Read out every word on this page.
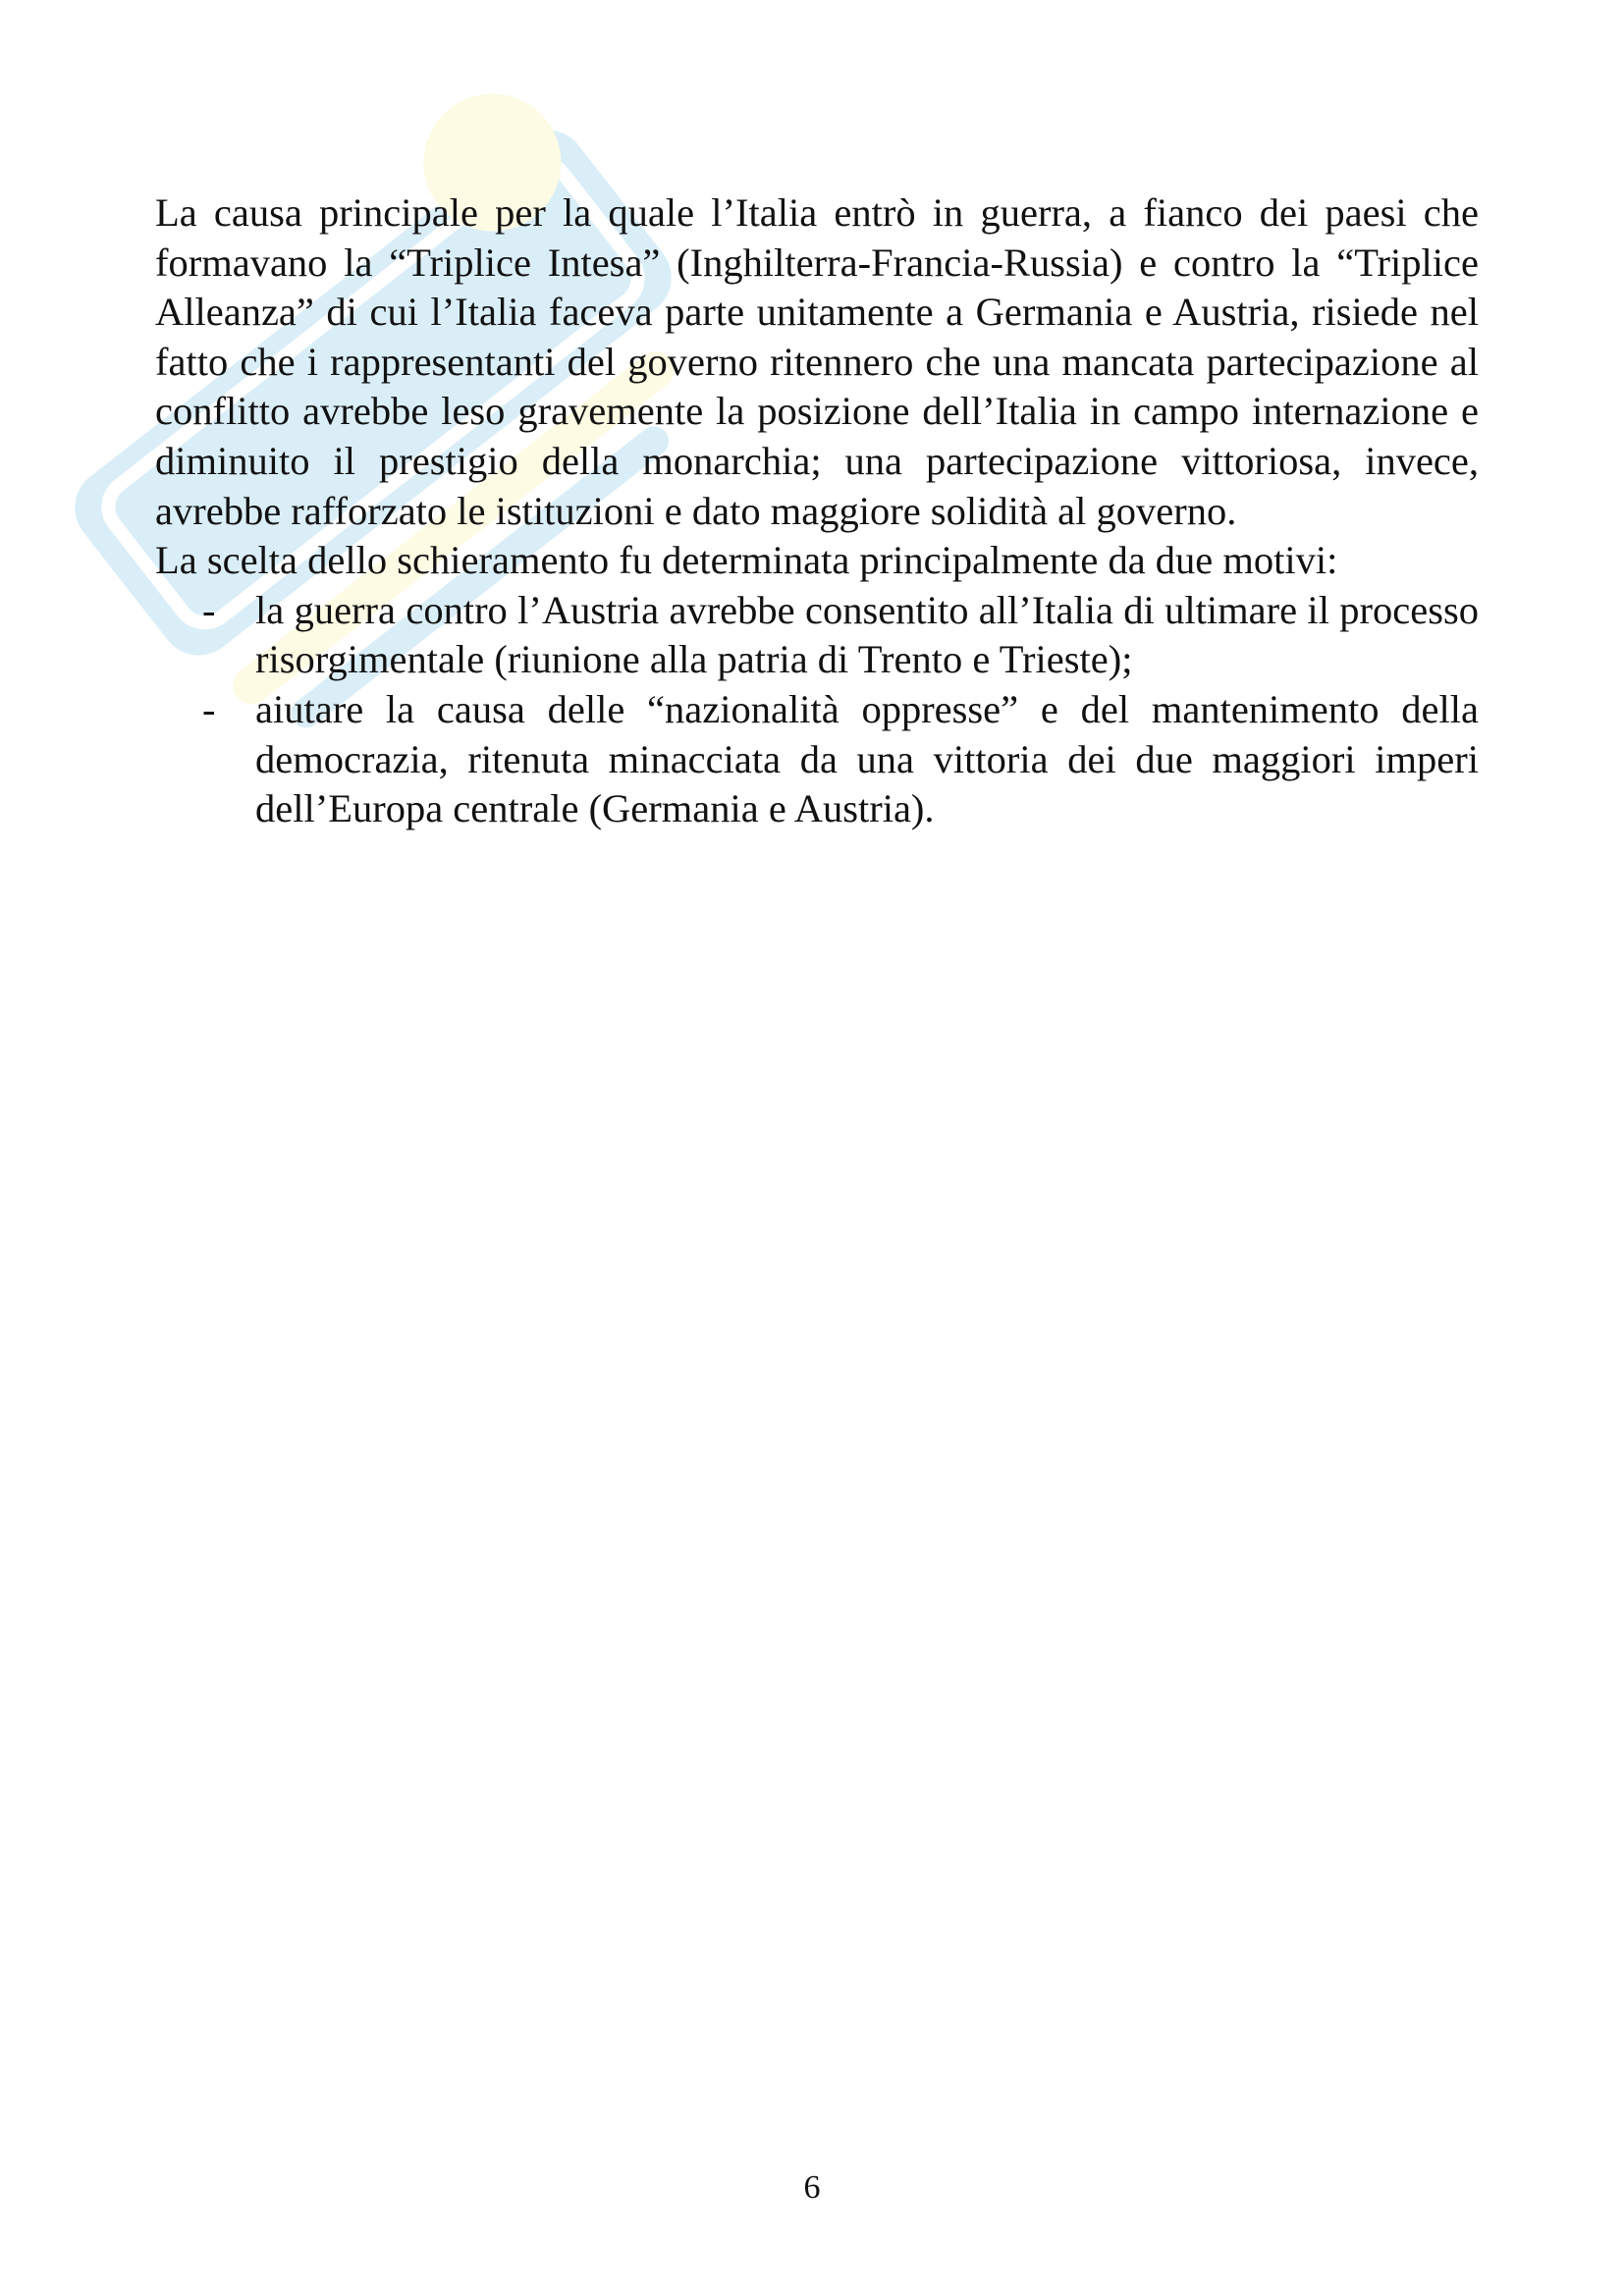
La causa principale per la quale l’Italia entrò in guerra, a fianco dei paesi che formavano la “Triplice Intesa” (Inghilterra-Francia-Russia) e contro la “Triplice Alleanza” di cui l’Italia faceva parte unitamente a Germania e Austria, risiede nel fatto che i rappresentanti del governo ritennero che una mancata partecipazione al conflitto avrebbe leso gravemente la posizione dell’Italia in campo internazione e diminuito il prestigio della monarchia; una partecipazione vittoriosa, invece, avrebbe rafforzato le istituzioni e dato maggiore solidità al governo.

La scelta dello schieramento fu determinata principalmente da due motivi:

- la guerra contro l’Austria avrebbe consentito all’Italia di ultimare il processo risorgimentale (riunione alla patria di Trento e Trieste);
- aiutare la causa delle “nazionalità oppresse” e del mantenimento della democrazia, ritenuta minacciata da una vittoria dei due maggiori imperi dell’Europa centrale (Germania e Austria).
6
